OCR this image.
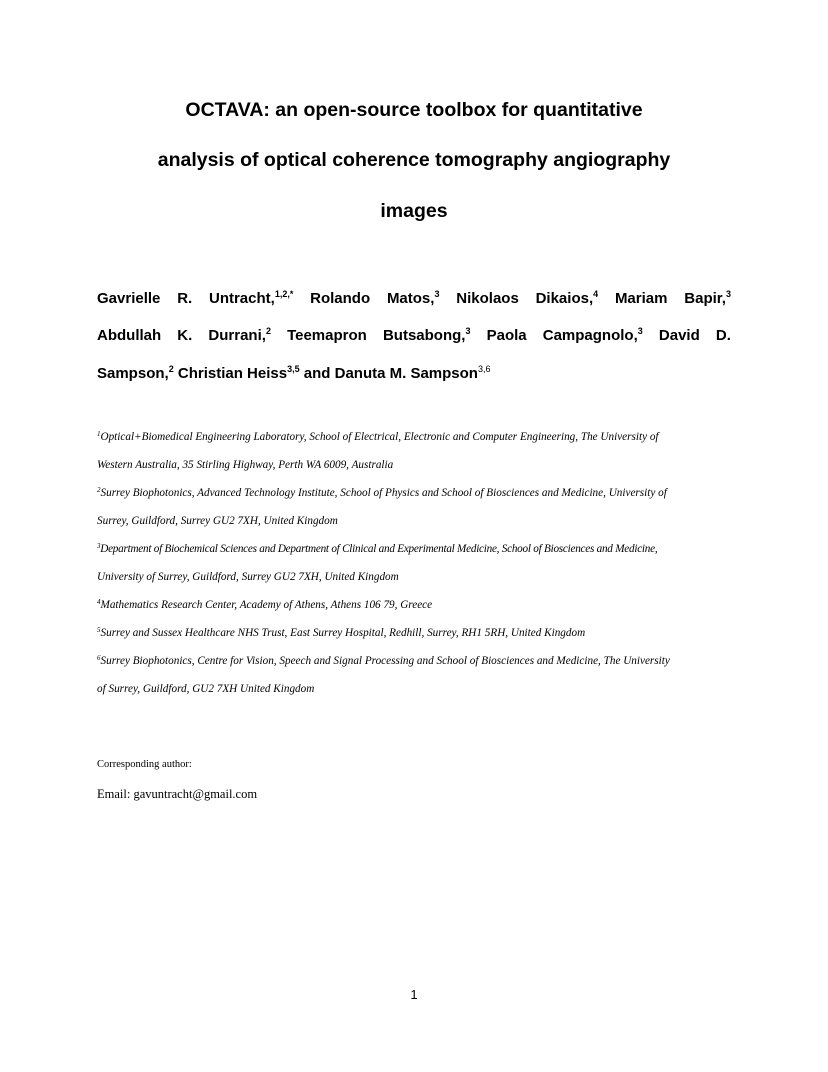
OCTAVA: an open-source toolbox for quantitative
analysis of optical coherence tomography angiography
images

Gavrielle R. Untracht,$^{1,2,*}$ Rolando Matos,$^3$ Nikolaos Dikaios,$^4$ Mariam Bapir,$^3$

Abdullah K. Durrani,$^2$ Teemapron Butsabong,$^3$ Paola Campagnolo,$^3$ David D.

Sampson,$^2$ Christian Heiss$^{3,5}$ and Danuta M. Sampson$^{3,6}$

$^1$Optical+Biomedical Engineering Laboratory, School of Electrical, Electronic and Computer Engineering, The University of

Western Australia, 35 Stirling Highway, Perth WA 6009, Australia

$^2$Surrey Biophotonics, Advanced Technology Institute, School of Physics and School of Biosciences and Medicine, University of

Surrey, Guildford, Surrey GU2 7XH, United Kingdom

$^3$Department of Biochemical Sciences and Department of Clinical and Experimental Medicine, School of Biosciences and Medicine,

University of Surrey, Guildford, Surrey GU2 7XH, United Kingdom

$^4$Mathematics Research Center, Academy of Athens, Athens 106 79, Greece

$^5$Surrey and Sussex Healthcare NHS Trust, East Surrey Hospital, Redhill, Surrey, RH1 5RH, United Kingdom

$^6$Surrey Biophotonics, Centre for Vision, Speech and Signal Processing and School of Biosciences and Medicine, The University

of Surrey, Guildford, GU2 7XH United Kingdom

Corresponding author:

Email: gavuntracht@gmail.com

1
